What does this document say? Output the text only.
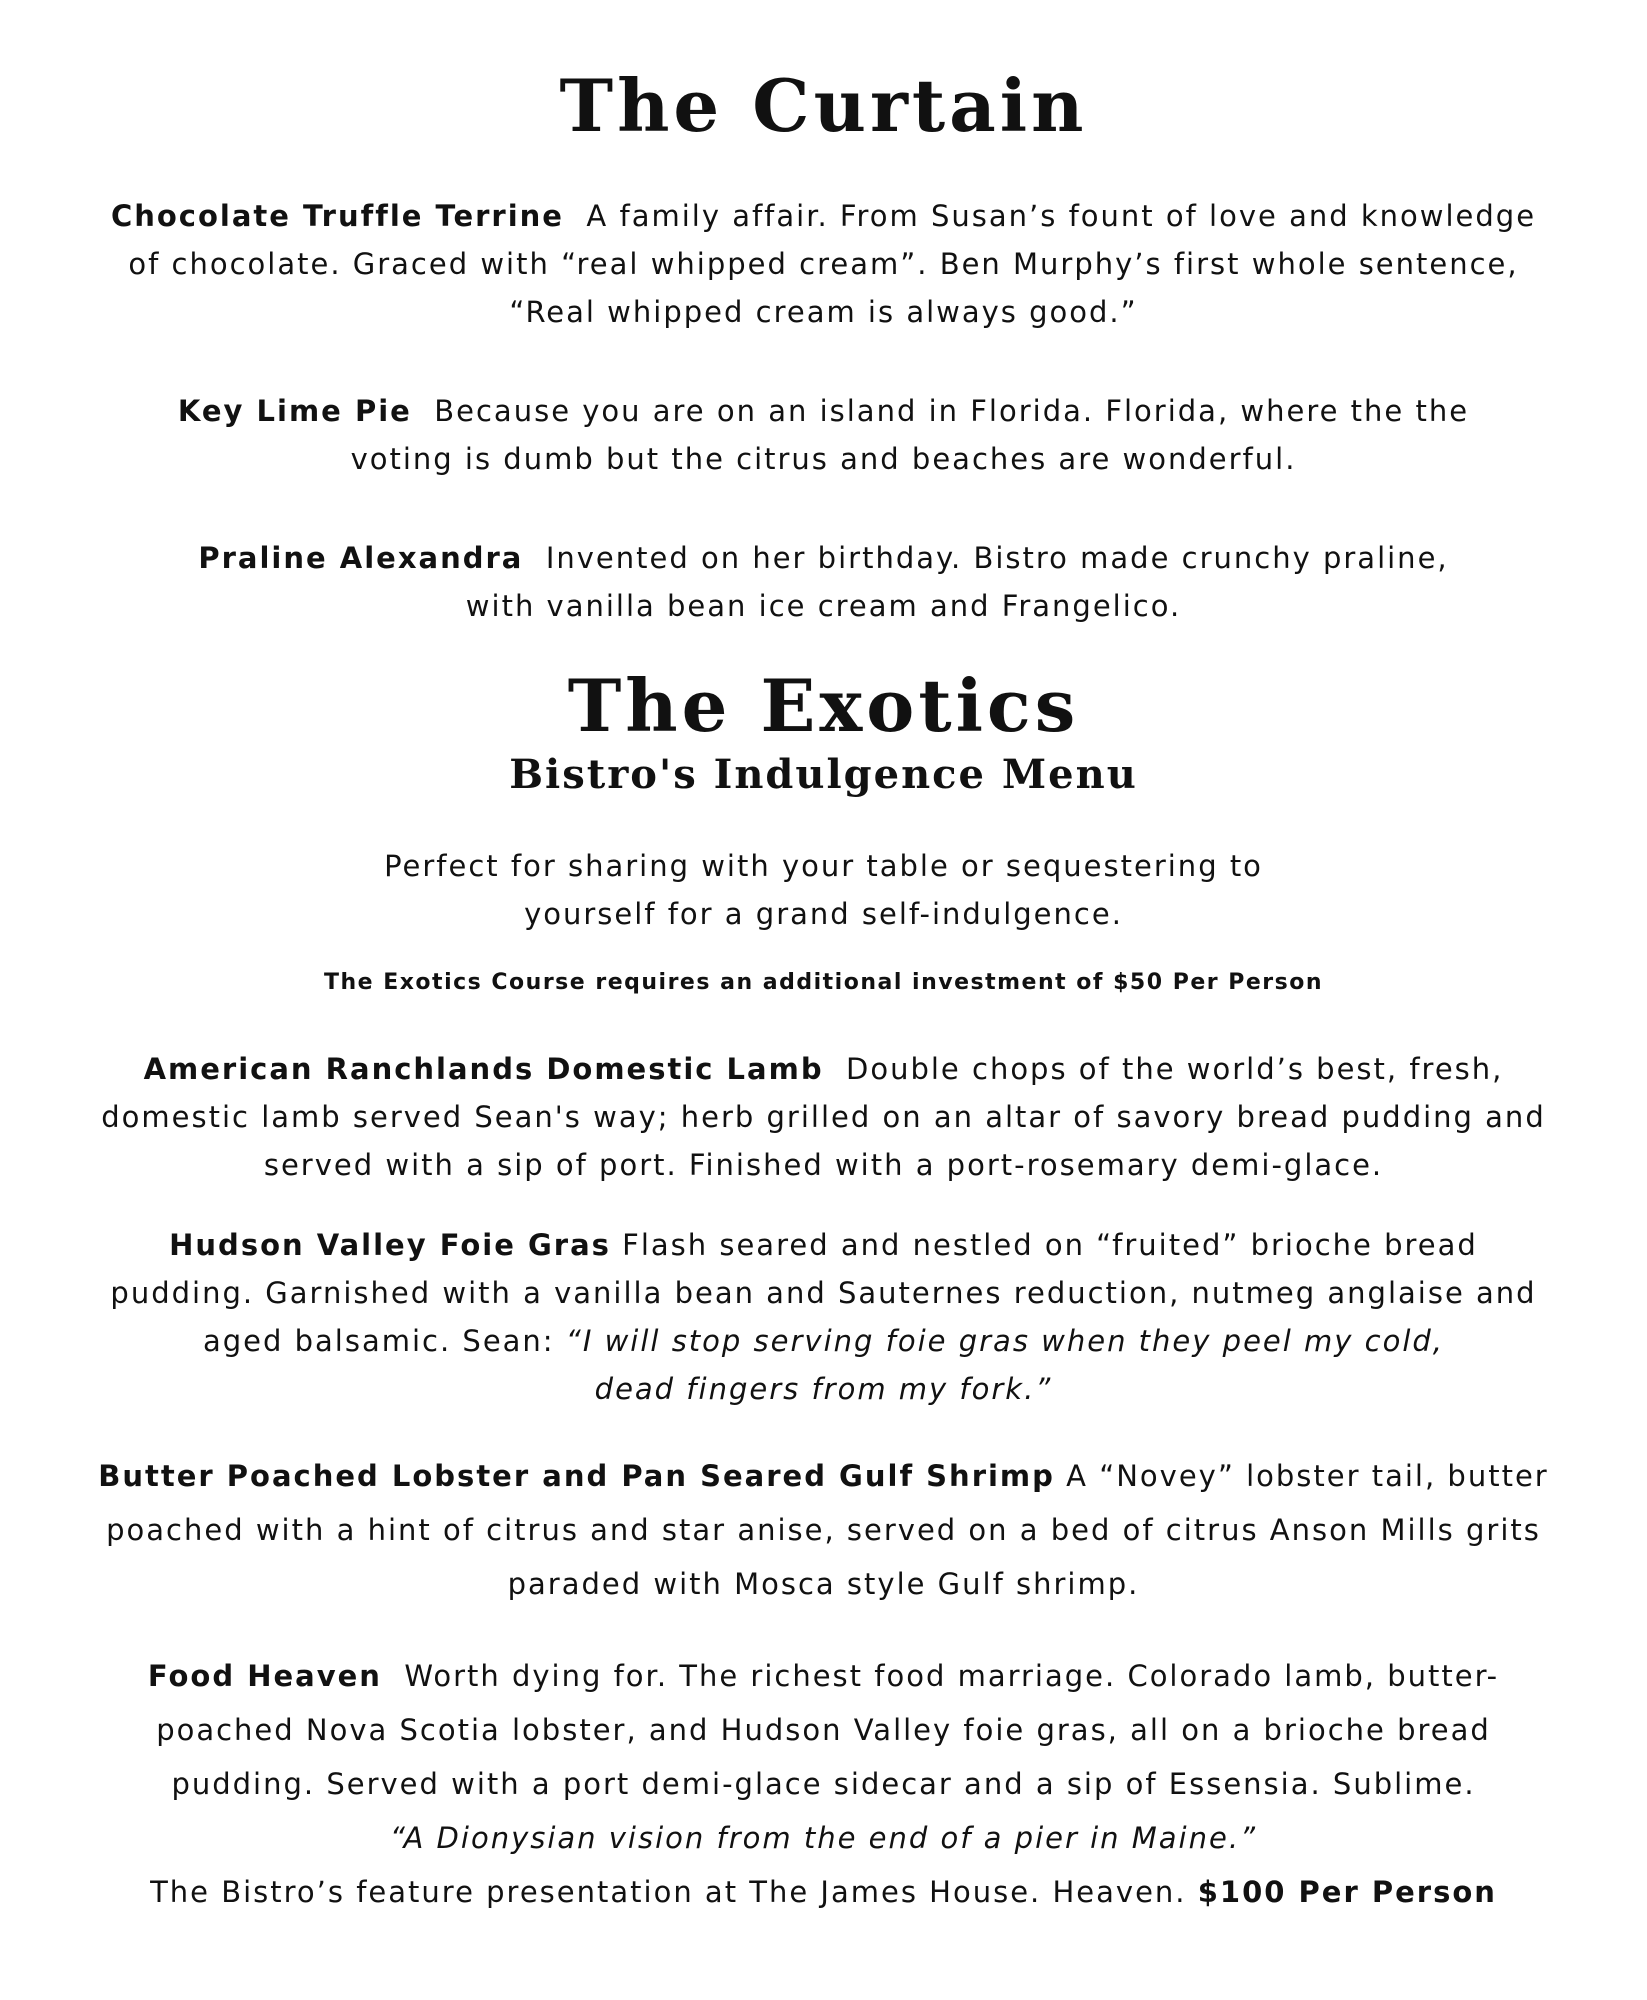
The Curtain
Chocolate Truffle Terrine A family affair. From Susan’s fount of love and knowledge
of chocolate. Graced with “real whipped cream”. Ben Murphy’s first whole sentence,
“Real whipped cream is always good.”
Key Lime Pie Because you are on an island in Florida. Florida, where the the
voting is dumb but the citrus and beaches are wonderful.
Praline Alexandra Invented on her birthday. Bistro made crunchy praline,
with vanilla bean ice cream and Frangelico.
The Exotics
Bistro's Indulgence Menu
Perfect for sharing with your table or sequestering to
yourself for a grand self-indulgence.
The Exotics Course requires an additional investment of $50 Per Person
American Ranchlands Domestic Lamb Double chops of the world’s best, fresh,
domestic lamb served Sean's way; herb grilled on an altar of savory bread pudding and
served with a sip of port. Finished with a port-rosemary demi-glace.
Hudson Valley Foie Gras Flash seared and nestled on “fruited” brioche bread
pudding. Garnished with a vanilla bean and Sauternes reduction, nutmeg anglaise and
aged balsamic. Sean: “I will stop serving foie gras when they peel my cold,
dead fingers from my fork.”
Butter Poached Lobster and Pan Seared Gulf Shrimp A “Novey” lobster tail, butter
poached with a hint of citrus and star anise, served on a bed of citrus Anson Mills grits
paraded with Mosca style Gulf shrimp.
Food Heaven Worth dying for. The richest food marriage. Colorado lamb, butter-
poached Nova Scotia lobster, and Hudson Valley foie gras, all on a brioche bread
pudding. Served with a port demi-glace sidecar and a sip of Essensia. Sublime.
“A Dionysian vision from the end of a pier in Maine.”
The Bistro’s feature presentation at The James House. Heaven. $100 Per Person
